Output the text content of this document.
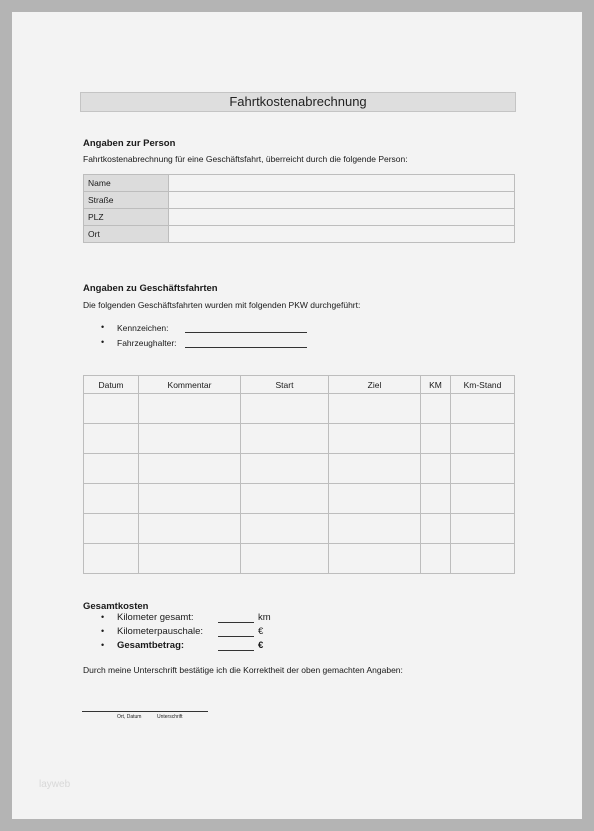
Fahrtkostenabrechnung
Angaben zur Person
Fahrtkostenabrechnung für eine Geschäftsfahrt, überreicht durch die folgende Person:
Name	
Straße	
PLZ	
Ort	
Angaben zu Geschäftsfahrten
Die folgenden Geschäftsfahrten wurden mit folgenden PKW durchgeführt:
• Kennzeichen:
• Fahrzeughalter:
Datum	Kommentar	Start	Ziel	KM	Km-Stand

Gesamtkosten
• Kilometer gesamt:	km
• Kilometerpauschale:	€
• Gesamtbetrag:	€
Durch meine Unterschrift bestätige ich die Korrektheit der oben gemachten Angaben:
Ort, Datum	Unterschrift
layweb
